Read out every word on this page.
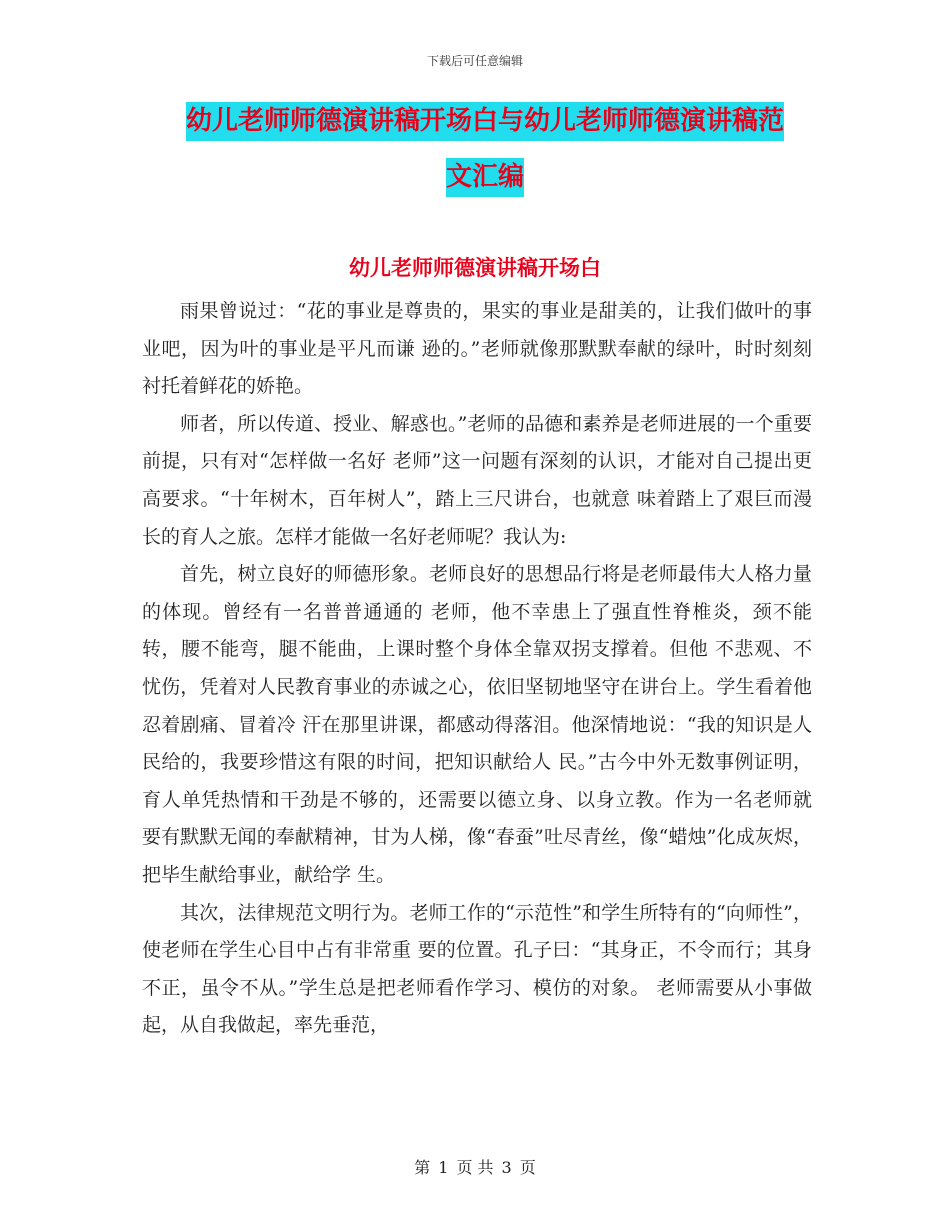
下载后可任意编辑
幼儿老师师德演讲稿开场白与幼儿老师师德演讲稿范
文汇编
幼儿老师师德演讲稿开场白

雨果曾说过：“花的事业是尊贵的，果实的事业是甜美的，让我们做叶的事业吧，因为叶的事业是平凡而谦 逊的。”老师就像那默默奉献的绿叶，时时刻刻衬托着鲜花的娇艳。

师者，所以传道、授业、解惑也。”老师的品德和素养是老师进展的一个重要前提，只有对“怎样做一名好 老师”这一问题有深刻的认识，才能对自己提出更高要求。“十年树木，百年树人”，踏上三尺讲台，也就意 味着踏上了艰巨而漫长的育人之旅。怎样才能做一名好老师呢？我认为:

首先，树立良好的师德形象。老师良好的思想品行将是老师最伟大人格力量的体现。曾经有一名普普通通的 老师，他不幸患上了强直性脊椎炎，颈不能转，腰不能弯，腿不能曲，上课时整个身体全靠双拐支撑着。但他 不悲观、不忧伤，凭着对人民教育事业的赤诚之心，依旧坚韧地坚守在讲台上。学生看着他忍着剧痛、冒着冷 汗在那里讲课，都感动得落泪。他深情地说：“我的知识是人民给的，我要珍惜这有限的时间，把知识献给人 民。”古今中外无数事例证明，育人单凭热情和干劲是不够的，还需要以德立身、以身立教。作为一名老师就 要有默默无闻的奉献精神，甘为人梯，像“春蚕”吐尽青丝，像“蜡烛”化成灰烬，把毕生献给事业，献给学 生。

其次，法律规范文明行为。老师工作的“示范性”和学生所特有的“向师性”，使老师在学生心目中占有非常重 要的位置。孔子曰：“其身正，不令而行；其身不正，虽令不从。”学生总是把老师看作学习、模仿的对象。 老师需要从小事做起，从自我做起，率先垂范，

第 1 页 共 3 页
